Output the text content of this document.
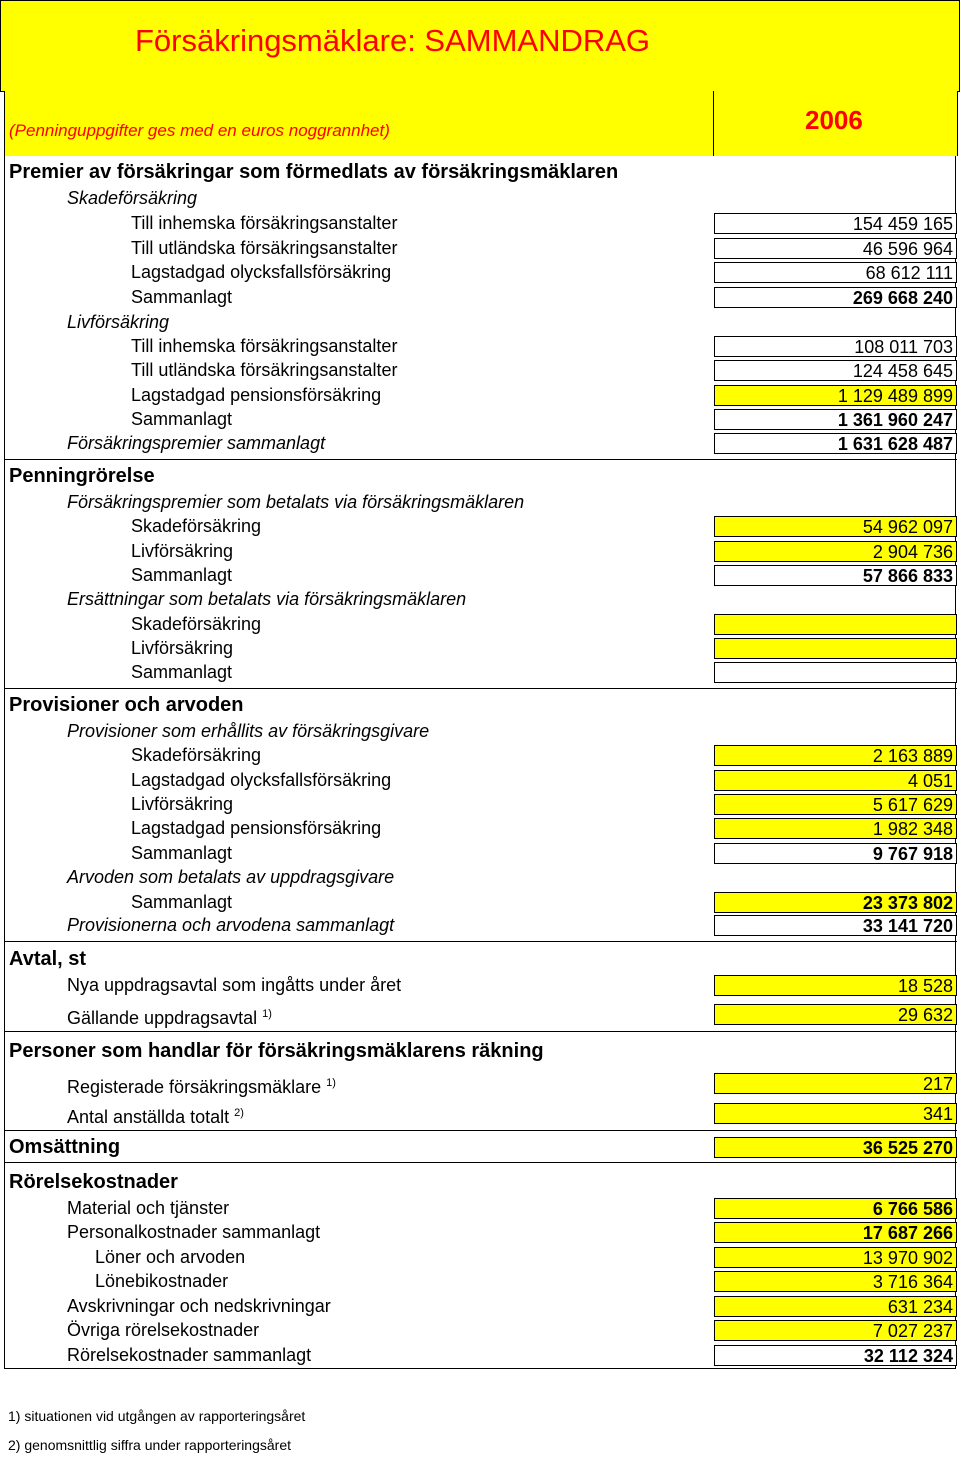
Försäkringsmäklare: SAMMANDRAG
(Penninguppgifter ges med en euros noggrannhet)	2006
Premier av försäkringar som förmedlats av försäkringsmäklaren
Skadeförsäkring
Till inhemska försäkringsanstalter	154 459 165
Till utländska försäkringsanstalter	46 596 964
Lagstadgad olycksfallsförsäkring	68 612 111
Sammanlagt	269 668 240
Livförsäkring
Till inhemska försäkringsanstalter	108 011 703
Till utländska försäkringsanstalter	124 458 645
Lagstadgad pensionsförsäkring	1 129 489 899
Sammanlagt	1 361 960 247
Försäkringspremier sammanlagt	1 631 628 487
Penningrörelse
Försäkringspremier som betalats via försäkringsmäklaren
Skadeförsäkring	54 962 097
Livförsäkring	2 904 736
Sammanlagt	57 866 833
Ersättningar som betalats via försäkringsmäklaren
Skadeförsäkring
Livförsäkring
Sammanlagt
Provisioner och arvoden
Provisioner som erhållits av försäkringsgivare
Skadeförsäkring	2 163 889
Lagstadgad olycksfallsförsäkring	4 051
Livförsäkring	5 617 629
Lagstadgad pensionsförsäkring	1 982 348
Sammanlagt	9 767 918
Arvoden som betalats av uppdragsgivare
Sammanlagt	23 373 802
Provisionerna och arvodena sammanlagt	33 141 720
Avtal, st
Nya uppdragsavtal som ingåtts under året	18 528
Gällande uppdragsavtal $^{1)}$	29 632
Personer som handlar för försäkringsmäklarens räkning
Registerade försäkringsmäklare $^{1)}$	217
Antal anställda totalt $^{2)}$	341
Omsättning	36 525 270
Rörelsekostnader
Material och tjänster	6 766 586
Personalkostnader sammanlagt	17 687 266
Löner och arvoden	13 970 902
Lönebikostnader	3 716 364
Avskrivningar och nedskrivningar	631 234
Övriga rörelsekostnader	7 027 237
Rörelsekostnader sammanlagt	32 112 324
1) situationen vid utgången av rapporteringsåret
2) genomsnittlig siffra under rapporteringsåret
